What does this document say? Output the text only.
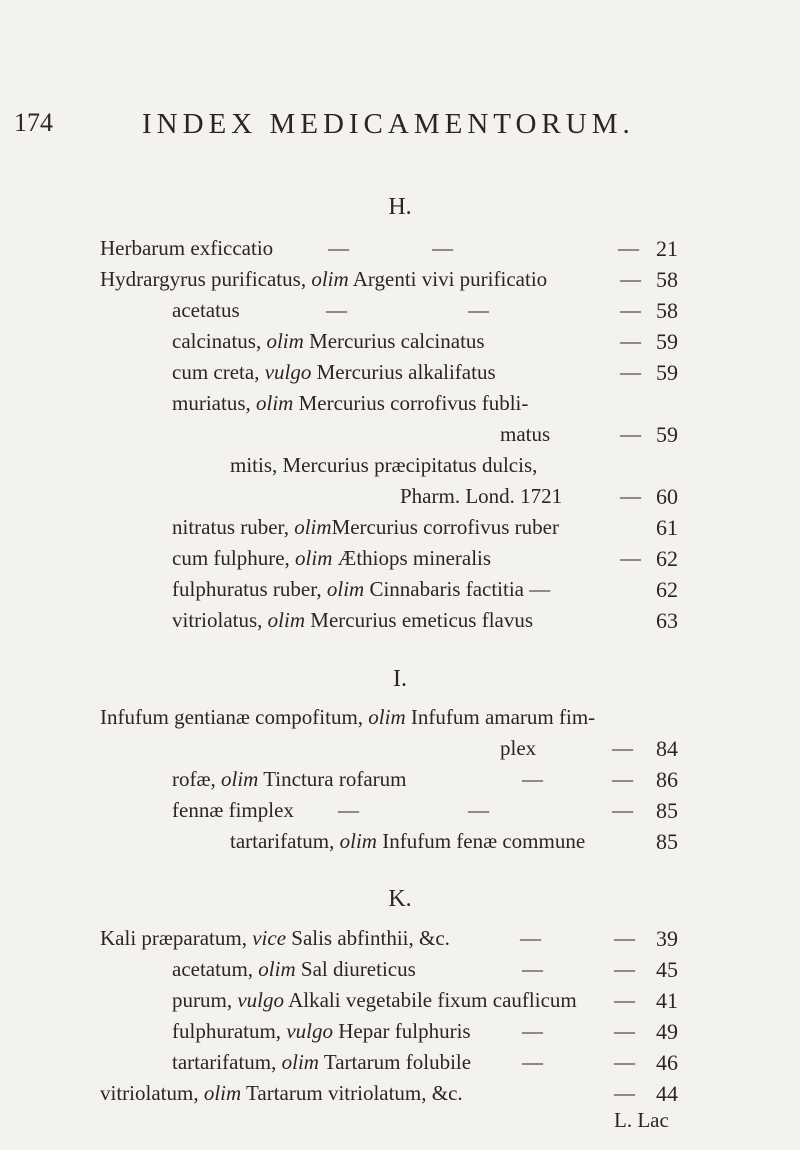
174	INDEX MEDICAMENTORUM.
H.
Herbarum exficcatio	—	—	— 21
Hydrargyrus purificatus, olim Argenti vivi purificatio	— 58
acetatus	—	—	— 58
calcinatus, olim Mercurius calcinatus	— 59
cum creta, vulgo Mercurius alkalifatus	— 59
muriatus, olim Mercurius corrofivus fubli-
matus	— 59
mitis, Mercurius præcipitatus dulcis,
Pharm. Lond. 1721	— 60
nitratus ruber, olimMercurius corrofivus ruber	61
cum fulphure, olim Æthiops mineralis	— 62
fulphuratus ruber, olim Cinnabaris factitia —	62
vitriolatus, olim Mercurius emeticus flavus	63
I.
Infufum gentianæ compofitum, olim Infufum amarum fim-
plex	— 84
rofæ, olim Tinctura rofarum	—	— 86
fennæ fimplex —	—	— 85
tartarifatum, olim Infufum fenæ commune	85
K.
Kali præparatum, vice Salis abfinthii, &c.	—	— 39
acetatum, olim Sal diureticus	—	— 45
purum, vulgo Alkali vegetabile fixum cauflicum — 41
fulphuratum, vulgo Hepar fulphuris —	— 49
tartarifatum, olim Tartarum folubile —	— 46
vitriolatum, olim Tartarum vitriolatum, &c.	— 44
L. Lac
